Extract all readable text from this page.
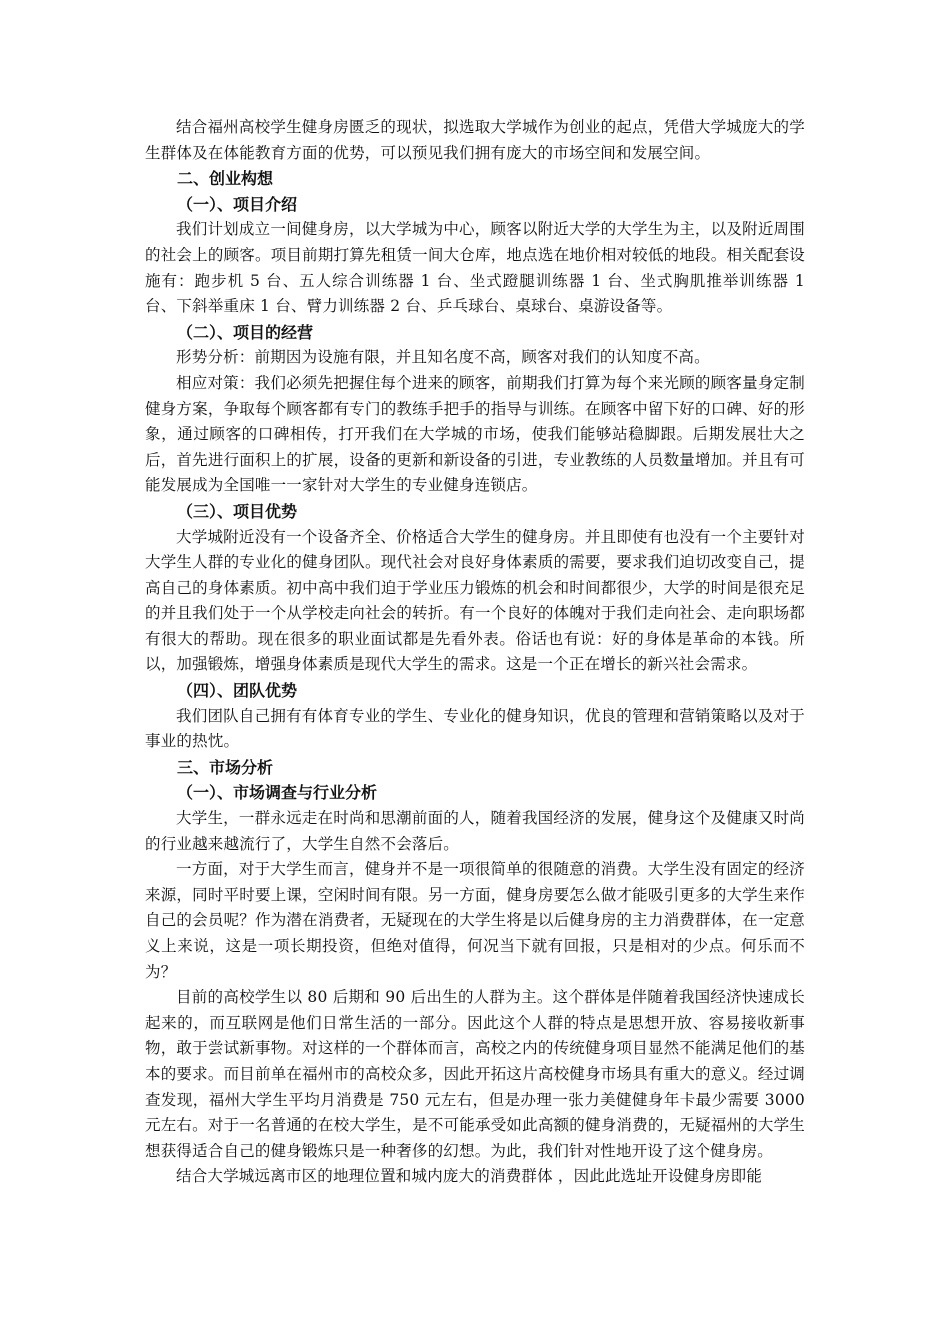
结合福州高校学生健身房匮乏的现状，拟选取大学城作为创业的起点，凭借大学城庞大的学生群体及在体能教育方面的优势，可以预见我们拥有庞大的市场空间和发展空间。

二、创业构想

（一）、项目介绍

我们计划成立一间健身房，以大学城为中心，顾客以附近大学的大学生为主，以及附近周围的社会上的顾客。项目前期打算先租赁一间大仓库，地点选在地价相对较低的地段。相关配套设施有：跑步机 5 台、五人综合训练器 1 台、坐式蹬腿训练器 1 台、坐式胸肌推举训练器 1 台、下斜举重床 1 台、臂力训练器 2 台、乒乓球台、桌球台、桌游设备等。

（二）、项目的经营

形势分析：前期因为设施有限，并且知名度不高，顾客对我们的认知度不高。

相应对策：我们必须先把握住每个进来的顾客，前期我们打算为每个来光顾的顾客量身定制健身方案，争取每个顾客都有专门的教练手把手的指导与训练。在顾客中留下好的口碑、好的形象，通过顾客的口碑相传，打开我们在大学城的市场，使我们能够站稳脚跟。后期发展壮大之后，首先进行面积上的扩展，设备的更新和新设备的引进，专业教练的人员数量增加。并且有可能发展成为全国唯一一家针对大学生的专业健身连锁店。

（三）、项目优势

大学城附近没有一个设备齐全、价格适合大学生的健身房。并且即使有也没有一个主要针对大学生人群的专业化的健身团队。现代社会对良好身体素质的需要，要求我们迫切改变自己，提高自己的身体素质。初中高中我们迫于学业压力锻炼的机会和时间都很少，大学的时间是很充足的并且我们处于一个从学校走向社会的转折。有一个良好的体魄对于我们走向社会、走向职场都有很大的帮助。现在很多的职业面试都是先看外表。俗话也有说：好的身体是革命的本钱。所以，加强锻炼，增强身体素质是现代大学生的需求。这是一个正在增长的新兴社会需求。

（四）、团队优势

我们团队自己拥有有体育专业的学生、专业化的健身知识，优良的管理和营销策略以及对于事业的热忱。

三、市场分析

（一）、市场调查与行业分析

大学生，一群永远走在时尚和思潮前面的人，随着我国经济的发展，健身这个及健康又时尚的行业越来越流行了，大学生自然不会落后。

一方面，对于大学生而言，健身并不是一项很简单的很随意的消费。大学生没有固定的经济来源，同时平时要上课，空闲时间有限。另一方面，健身房要怎么做才能吸引更多的大学生来作自己的会员呢？作为潜在消费者，无疑现在的大学生将是以后健身房的主力消费群体，在一定意义上来说，这是一项长期投资，但绝对值得，何况当下就有回报，只是相对的少点。何乐而不为？

目前的高校学生以 80 后期和 90 后出生的人群为主。这个群体是伴随着我国经济快速成长起来的，而互联网是他们日常生活的一部分。因此这个人群的特点是思想开放、容易接收新事物，敢于尝试新事物。对这样的一个群体而言，高校之内的传统健身项目显然不能满足他们的基本的要求。而目前单在福州市的高校众多，因此开拓这片高校健身市场具有重大的意义。经过调查发现，福州大学生平均月消费是 750 元左右，但是办理一张力美健健身年卡最少需要 3000 元左右。对于一名普通的在校大学生，是不可能承受如此高额的健身消费的，无疑福州的大学生想获得适合自己的健身锻炼只是一种奢侈的幻想。为此，我们针对性地开设了这个健身房。

结合大学城远离市区的地理位置和城内庞大的消费群体 ，因此此选址开设健身房即能
